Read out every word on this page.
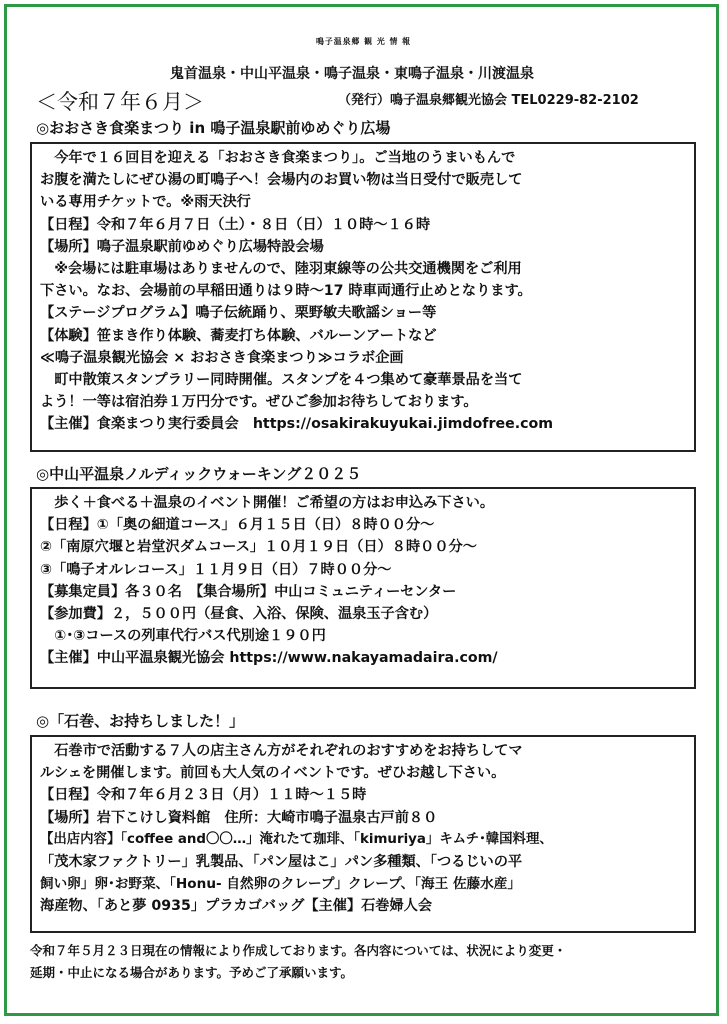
鳴子温泉郷 観 光 情 報
鬼首温泉・中山平温泉・鳴子温泉・東鳴子温泉・川渡温泉
＜令和７年６月＞	（発行）鳴子温泉郷観光協会 TEL0229-82-2102
◎おおさき食楽まつり in 鳴子温泉駅前ゆめぐり広場
　今年で１６回目を迎える「おおさき食楽まつり」。ご当地のうまいもんで
お腹を満たしにぜひ湯の町鳴子へ！会場内のお買い物は当日受付で販売して
いる専用チケットで。※雨天決行
【日程】令和７年６月７日（土）・８日（日）１０時～１６時
【場所】鳴子温泉駅前ゆめぐり広場特設会場
　※会場には駐車場はありませんので、陸羽東線等の公共交通機関をご利用
下さい。なお、会場前の早稲田通りは９時～17 時車両通行止めとなります。
【ステージプログラム】鳴子伝統踊り、栗野敏夫歌謡ショー等
【体験】笹まき作り体験、蕎麦打ち体験、バルーンアートなど
≪鳴子温泉観光協会 × おおさき食楽まつり≫コラボ企画
　町中散策スタンプラリー同時開催。スタンプを４つ集めて豪華景品を当て
よう！一等は宿泊券１万円分です。ぜひご参加お待ちしております。
【主催】食楽まつり実行委員会　https://osakirakuyukai.jimdofree.com
◎中山平温泉ノルディックウォーキング２０２５
　歩く＋食べる＋温泉のイベント開催！ご希望の方はお申込み下さい。
【日程】①「奥の細道コース」６月１５日（日）８時００分～
②「南原穴堰と岩堂沢ダムコース」１０月１９日（日）８時００分～
③「鳴子オルレコース」１１月９日（日）７時００分～
【募集定員】各３０名　【集合場所】中山コミュニティーセンター
【参加費】２，５００円（昼食、入浴、保険、温泉玉子含む）
　①･③コースの列車代行バス代別途１９０円
【主催】中山平温泉観光協会 https://www.nakayamadaira.com/
◎「石巻、お持ちしました！」
　石巻市で活動する７人の店主さん方がそれぞれのおすすめをお持ちしてマ
ルシェを開催します。前回も大人気のイベントです。ぜひお越し下さい。
【日程】令和７年６月２３日（月）１１時～１５時
【場所】岩下こけし資料館　住所：大崎市鳴子温泉古戸前８０
【出店内容】「coffee and〇〇…」淹れたて珈琲、「kimuriya」キムチ･韓国料理、
「茂木家ファクトリー」乳製品、「パン屋はこ」パン多種類、「つるじいの平
飼い卵」卵･お野菜、「Honu- 自然卵のクレープ」クレープ、「海王 佐藤水産」
海産物、「あと夢 0935」プラカゴバッグ【主催】石巻婦人会
令和７年５月２３日現在の情報により作成しております。各内容については、状況により変更・
延期・中止になる場合があります。予めご了承願います。
